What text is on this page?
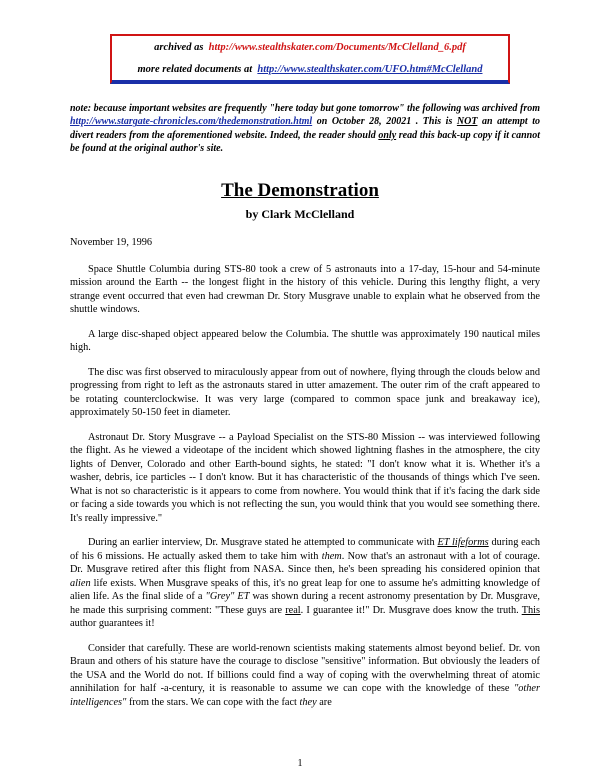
archived as http://www.stealthskater.com/Documents/McClelland_6.pdf
more related documents at http://www.stealthskater.com/UFO.htm#McClelland
note: because important websites are frequently "here today but gone tomorrow" the following was archived from http://www.stargate-chronicles.com/thedemonstration.html on October 28, 20021 . This is NOT an attempt to divert readers from the aforementioned website. Indeed, the reader should only read this back-up copy if it cannot be found at the original author's site.
The Demonstration
by Clark McClelland

November 19, 1996

Space Shuttle Columbia during STS-80 took a crew of 5 astronauts into a 17-day, 15-hour and 54-minute mission around the Earth -- the longest flight in the history of this vehicle. During this lengthy flight, a very strange event occurred that even had crewman Dr. Story Musgrave unable to explain what he observed from the shuttle windows.

A large disc-shaped object appeared below the Columbia. The shuttle was approximately 190 nautical miles high.

The disc was first observed to miraculously appear from out of nowhere, flying through the clouds below and progressing from right to left as the astronauts stared in utter amazement. The outer rim of the craft appeared to be rotating counterclockwise. It was very large (compared to common space junk and breakaway ice), approximately 50-150 feet in diameter.

Astronaut Dr. Story Musgrave -- a Payload Specialist on the STS-80 Mission -- was interviewed following the flight. As he viewed a videotape of the incident which showed lightning flashes in the atmosphere, the city lights of Denver, Colorado and other Earth-bound sights, he stated: "I don't know what it is. Whether it's a washer, debris, ice particles -- I don't know. But it has characteristic of the thousands of things which I've seen. What is not so characteristic is it appears to come from nowhere. You would think that if it's facing the dark side or facing a side towards you which is not reflecting the sun, you would think that you would see something there. It's really impressive."

During an earlier interview, Dr. Musgrave stated he attempted to communicate with ET lifeforms during each of his 6 missions. He actually asked them to take him with them. Now that's an astronaut with a lot of courage. Dr. Musgrave retired after this flight from NASA. Since then, he's been spreading his considered opinion that alien life exists. When Musgrave speaks of this, it's no great leap for one to assume he's admitting knowledge of alien life. As the final slide of a "Grey" ET was shown during a recent astronomy presentation by Dr. Musgrave, he made this surprising comment: "These guys are real. I guarantee it!" Dr. Musgrave does know the truth. This author guarantees it!

Consider that carefully. These are world-renown scientists making statements almost beyond belief. Dr. von Braun and others of his stature have the courage to disclose "sensitive" information. But obviously the leaders of the USA and the World do not. If billions could find a way of coping with the overwhelming threat of atomic annihilation for half -a-century, it is reasonable to assume we can cope with the knowledge of these "other intelligences" from the stars. We can cope with the fact they are

1
